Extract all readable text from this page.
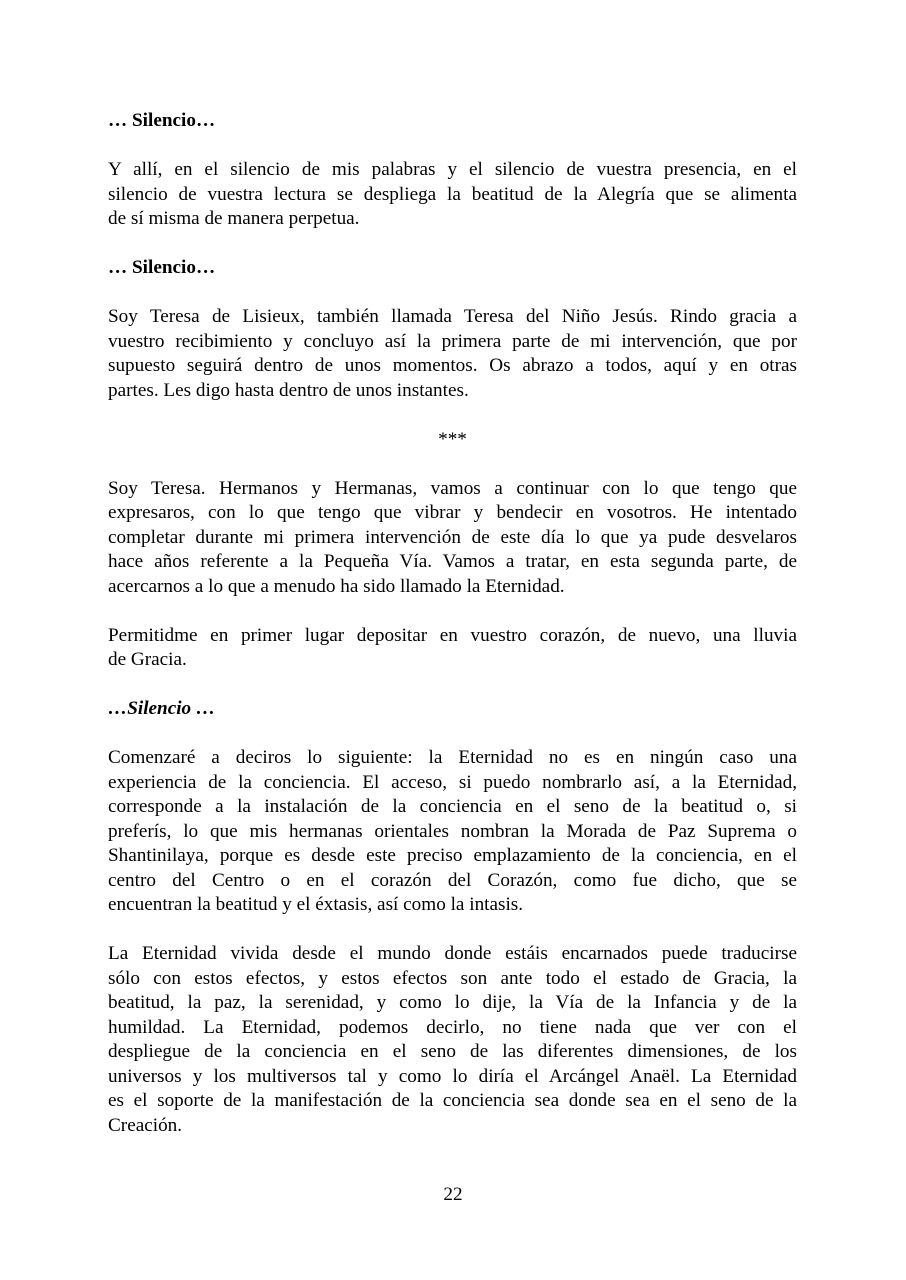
… Silencio…
Y allí, en el silencio de mis palabras y el silencio de vuestra presencia, en el
silencio de vuestra lectura se despliega la beatitud de la Alegría que se alimenta
de sí misma de manera perpetua.
… Silencio…
Soy Teresa de Lisieux, también llamada Teresa del Niño Jesús. Rindo gracia a
vuestro recibimiento y concluyo así la primera parte de mi intervención, que por
supuesto seguirá dentro de unos momentos. Os abrazo a todos, aquí y en otras
partes. Les digo hasta dentro de unos instantes.
***
Soy Teresa. Hermanos y Hermanas, vamos a continuar con lo que tengo que
expresaros, con lo que tengo que vibrar y bendecir en vosotros. He intentado
completar durante mi primera intervención de este día lo que ya pude desvelaros
hace años referente a la Pequeña Vía. Vamos a tratar, en esta segunda parte, de
acercarnos a lo que a menudo ha sido llamado la Eternidad.
Permitidme en primer lugar depositar en vuestro corazón, de nuevo, una lluvia
de Gracia.
…Silencio …
Comenzaré a deciros lo siguiente: la Eternidad no es en ningún caso una
experiencia de la conciencia. El acceso, si puedo nombrarlo así, a la Eternidad,
corresponde a la instalación de la conciencia en el seno de la beatitud o, si
preferís, lo que mis hermanas orientales nombran la Morada de Paz Suprema o
Shantinilaya, porque es desde este preciso emplazamiento de la conciencia, en el
centro del Centro o en el corazón del Corazón, como fue dicho, que se
encuentran la beatitud y el éxtasis, así como la intasis.
La Eternidad vivida desde el mundo donde estáis encarnados puede traducirse
sólo con estos efectos, y estos efectos son ante todo el estado de Gracia, la
beatitud, la paz, la serenidad, y como lo dije, la Vía de la Infancia y de la
humildad. La Eternidad, podemos decirlo, no tiene nada que ver con el
despliegue de la conciencia en el seno de las diferentes dimensiones, de los
universos y los multiversos tal y como lo diría el Arcángel Anaël. La Eternidad
es el soporte de la manifestación de la conciencia sea donde sea en el seno de la
Creación.
22
